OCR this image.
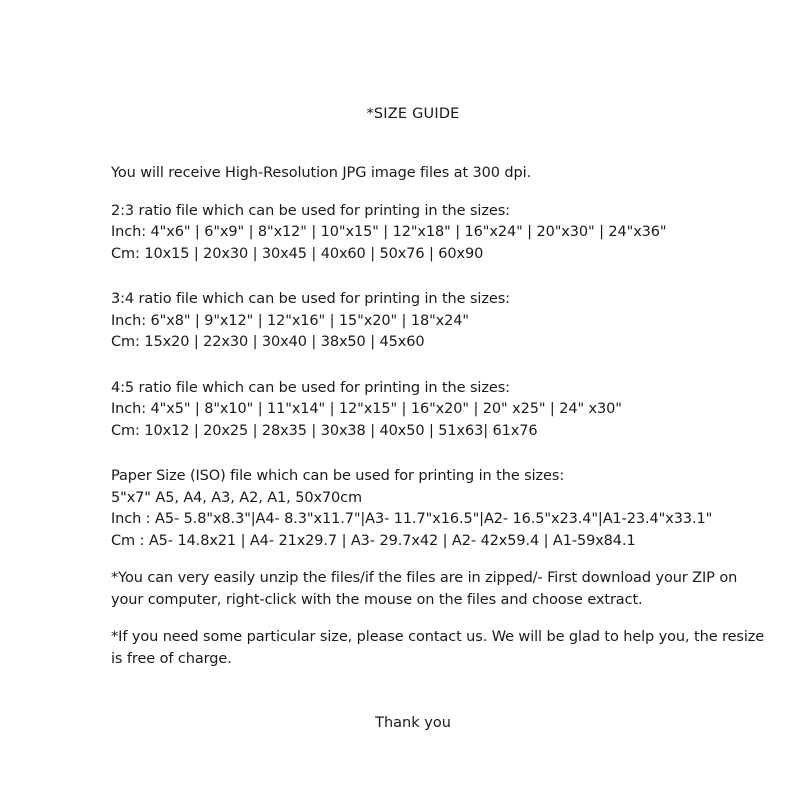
*SIZE GUIDE

You will receive High-Resolution JPG image files at 300 dpi.

2:3 ratio file which can be used for printing in the sizes:

Inch: 4"x6" | 6"x9" | 8"x12" | 10"x15" | 12"x18" | 16"x24" | 20"x30" | 24"x36"

Cm: 10x15 | 20x30 | 30x45 | 40x60 | 50x76 | 60x90

3:4 ratio file which can be used for printing in the sizes:

Inch: 6"x8" | 9"x12" | 12"x16" | 15"x20" | 18"x24"

Cm: 15x20 | 22x30 | 30x40 | 38x50 | 45x60

4:5 ratio file which can be used for printing in the sizes:

Inch: 4"x5" | 8"x10" | 11"x14" | 12"x15" | 16"x20" | 20" x25" | 24" x30"

Cm: 10x12 | 20x25 | 28x35 | 30x38 | 40x50 | 51x63| 61x76

Paper Size (ISO) file which can be used for printing in the sizes:

5"x7" A5, A4, A3, A2, A1, 50x70cm

Inch : A5- 5.8"x8.3"|A4- 8.3"x11.7"|A3- 11.7"x16.5"|A2- 16.5"x23.4"|A1-23.4"x33.1"

Cm : A5- 14.8x21 | A4- 21x29.7 | A3- 29.7x42 | A2- 42x59.4 | A1-59x84.1

*You can very easily unzip the files/if the files are in zipped/- First download your ZIP on your computer, right-click with the mouse on the files and choose extract.

*If you need some particular size, please contact us. We will be glad to help you, the resize is free of charge.

Thank you
